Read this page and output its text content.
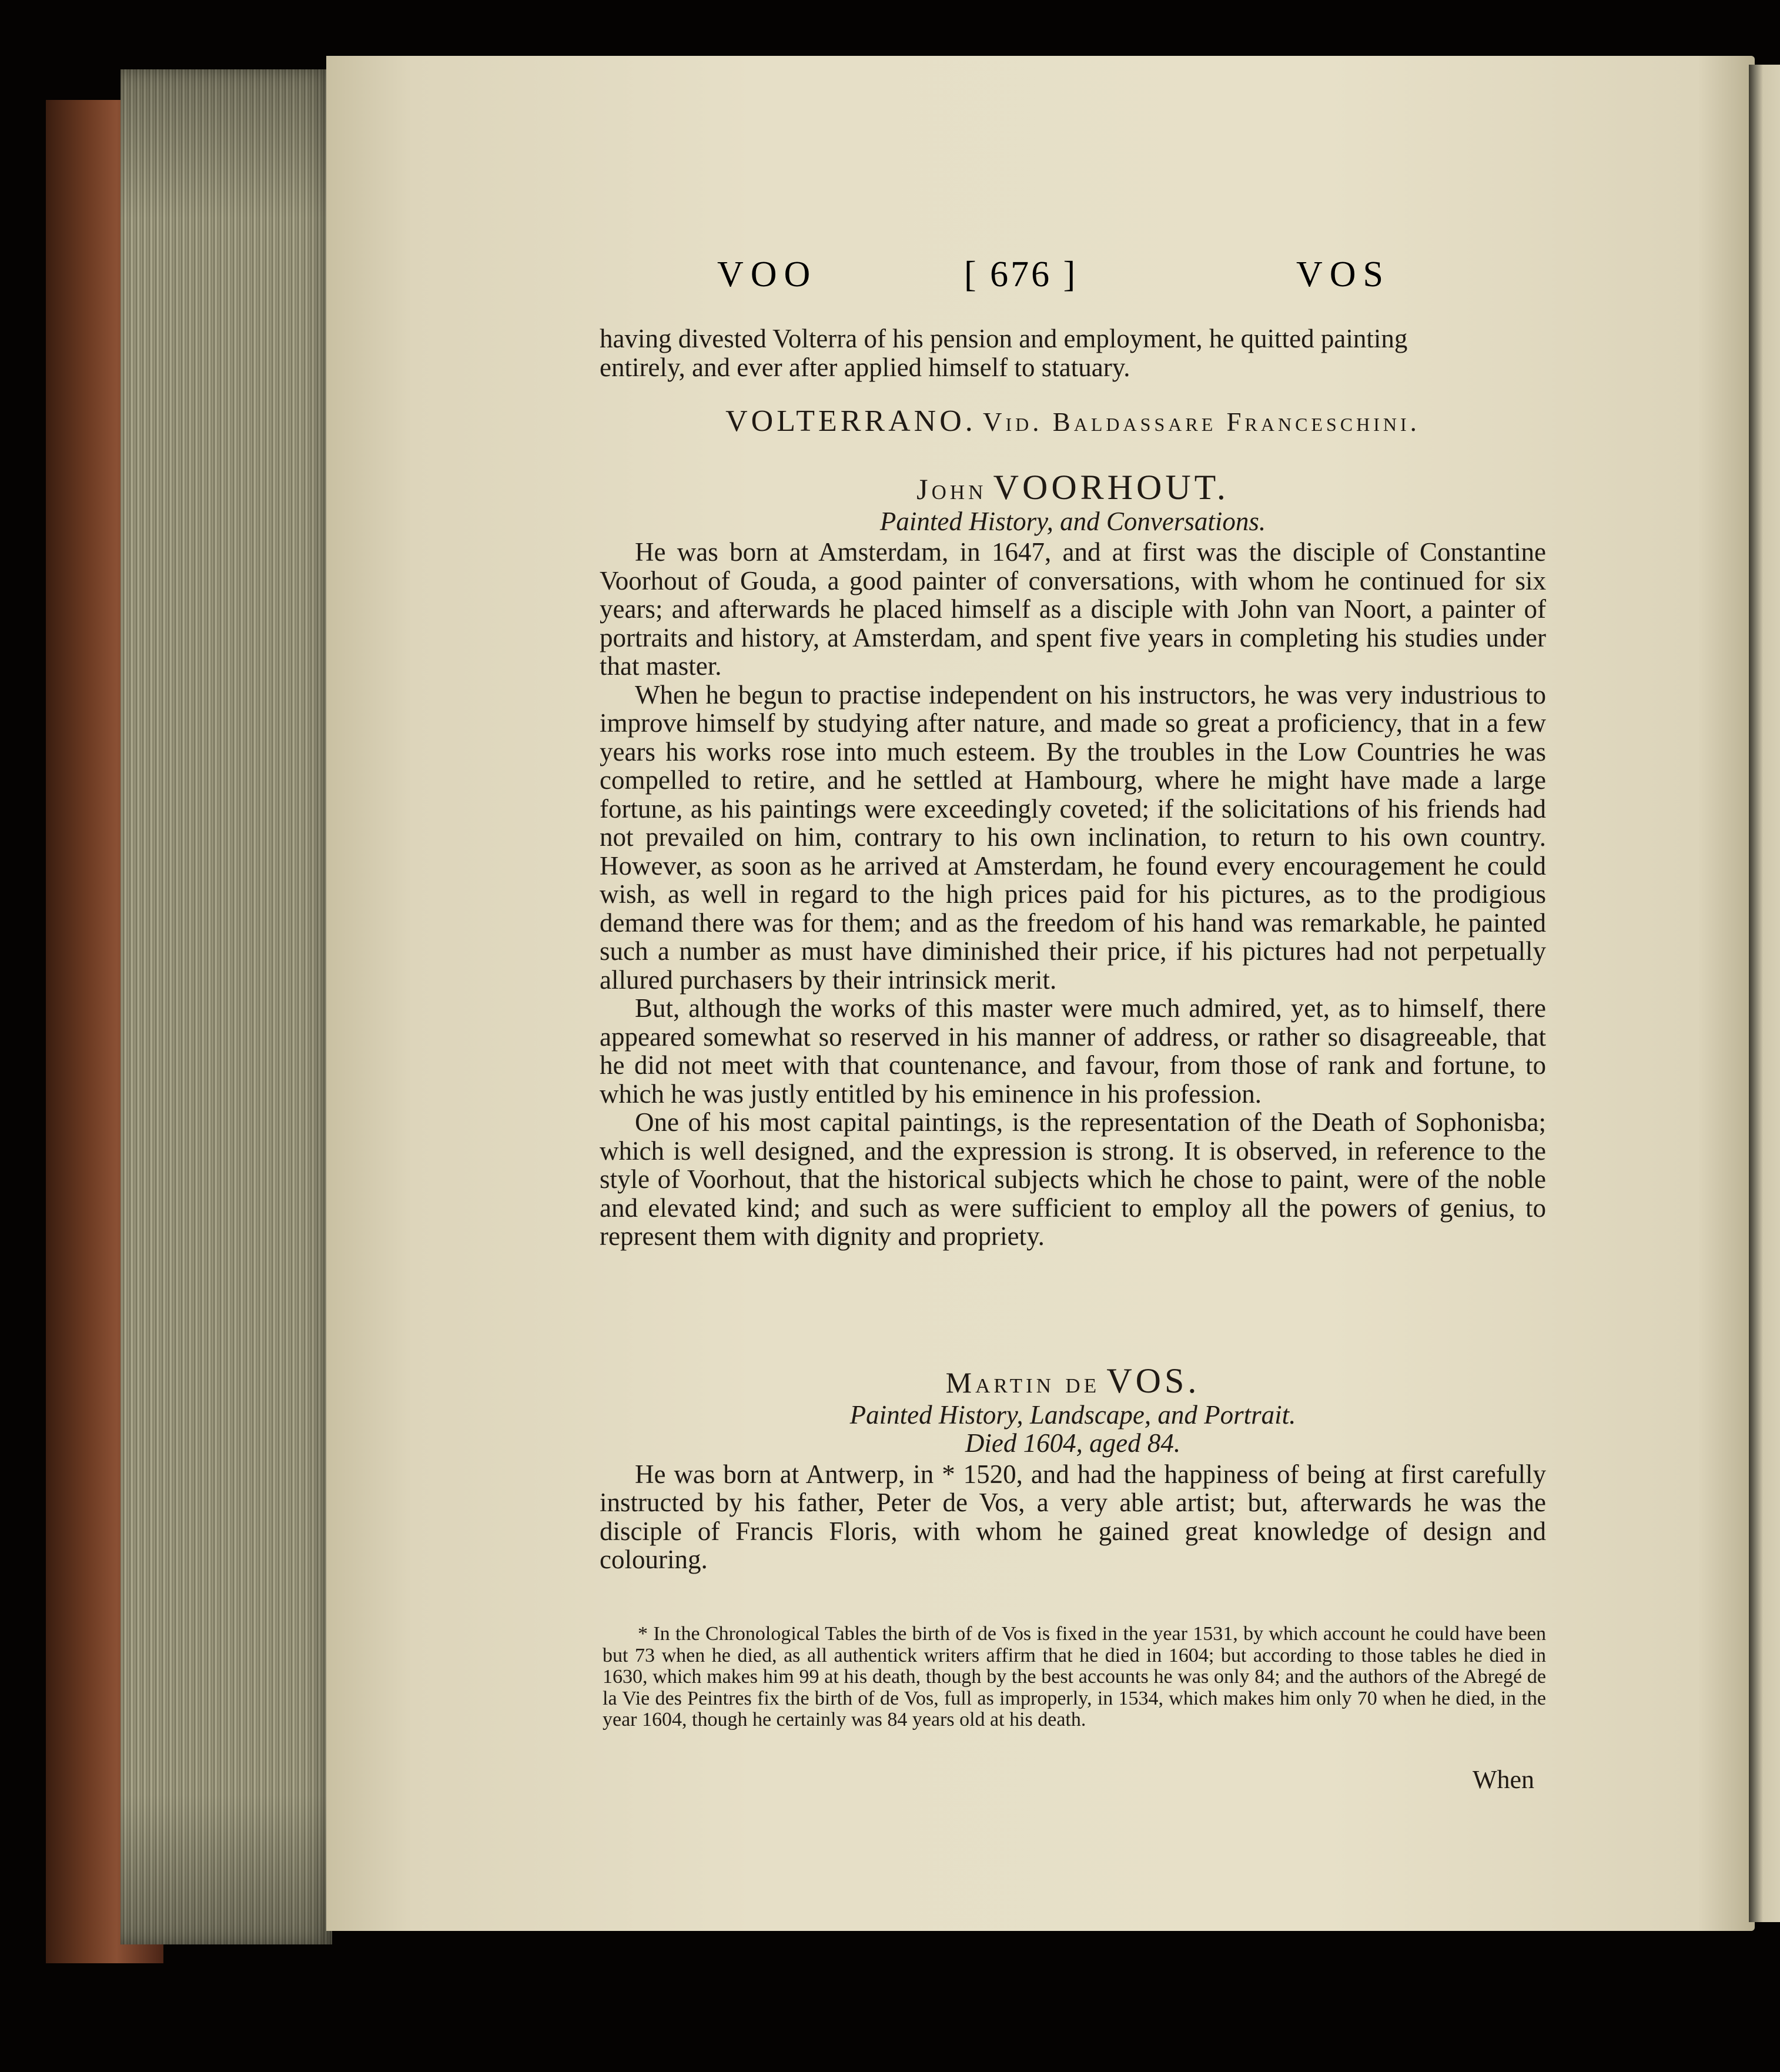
VOO	[ 676 ]	VOS

having divested Volterra of his pension and employment, he quitted painting

entirely, and ever after applied himself to statuary.

VOLTERRANO. Vid. Baldassare Franceschini.
John VOORHOUT.
Painted History, and Conversations.

He was born at Amsterdam, in 1647, and at first was the disciple of Constantine Voorhout of Gouda, a good painter of conversations, with whom he continued for six years; and afterwards he placed himself as a disciple with John van Noort, a painter of portraits and history, at Amsterdam, and spent five years in completing his studies under that master.

When he begun to practise independent on his instructors, he was very industrious to improve himself by studying after nature, and made so great a proficiency, that in a few years his works rose into much esteem. By the troubles in the Low Countries he was compelled to retire, and he settled at Hambourg, where he might have made a large fortune, as his paintings were exceedingly coveted; if the solicitations of his friends had not prevailed on him, contrary to his own inclination, to return to his own country. However, as soon as he arrived at Amsterdam, he found every encouragement he could wish, as well in regard to the high prices paid for his pictures, as to the prodigious demand there was for them; and as the freedom of his hand was remarkable, he painted such a number as must have diminished their price, if his pictures had not perpetually allured purchasers by their intrinsick merit.

But, although the works of this master were much admired, yet, as to himself, there appeared somewhat so reserved in his manner of address, or rather so disagreeable, that he did not meet with that countenance, and favour, from those of rank and fortune, to which he was justly entitled by his eminence in his profession.

One of his most capital paintings, is the representation of the Death of Sophonisba; which is well designed, and the expression is strong. It is observed, in reference to the style of Voorhout, that the historical subjects which he chose to paint, were of the noble and elevated kind; and such as were sufficient to employ all the powers of genius, to represent them with dignity and propriety.

Martin de VOS.
Painted History, Landscape, and Portrait.
Died 1604, aged 84.

He was born at Antwerp, in * 1520, and had the happiness of being at first carefully instructed by his father, Peter de Vos, a very able artist; but, afterwards he was the disciple of Francis Floris, with whom he gained great knowledge of design and colouring.

* In the Chronological Tables the birth of de Vos is fixed in the year 1531, by which account he could have been but 73 when he died, as all authentick writers affirm that he died in 1604; but according to those tables he died in 1630, which makes him 99 at his death, though by the best accounts he was only 84; and the authors of the Abregé de la Vie des Peintres fix the birth of de Vos, full as improperly, in 1534, which makes him only 70 when he died, in the year 1604, though he certainly was 84 years old at his death.

When
